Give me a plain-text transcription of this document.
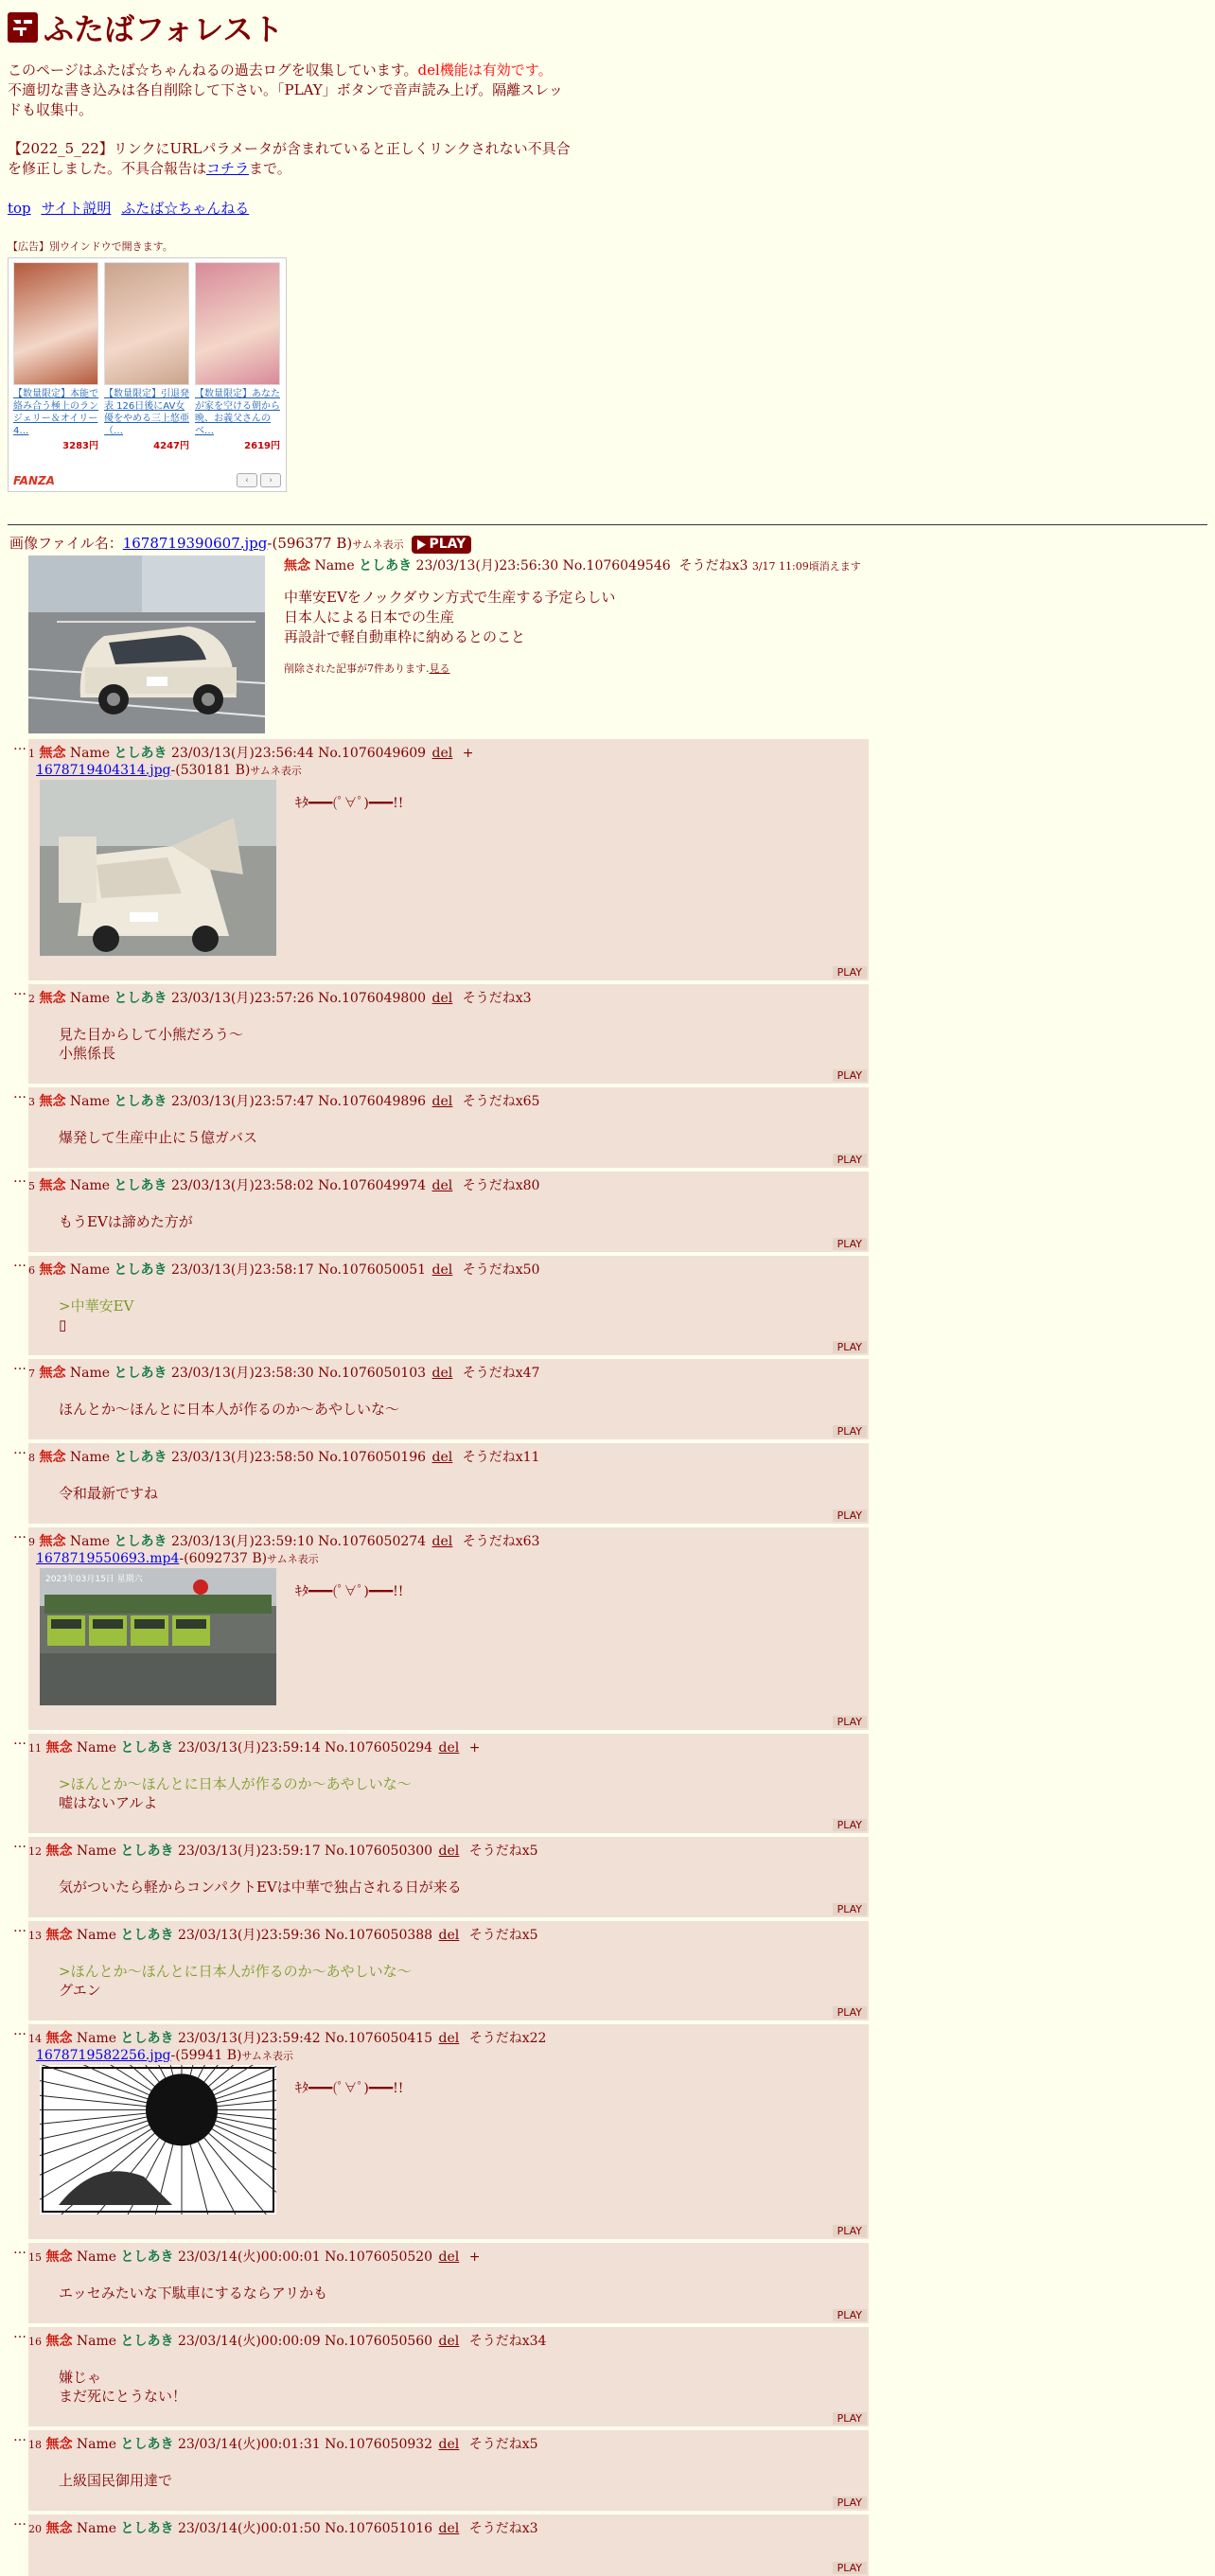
ふたばフォレスト
このページはふたば☆ちゃんねるの過去ログを収集しています。del機能は有効です。不適切な書き込みは各自削除して下さい。「PLAY」ボタンで音声読み上げ。隔離スレッドも収集中。
【2022_5_22】リンクにURLパラメータが含まれていると正しくリンクされない不具合を修正しました。不具合報告はコチラまで。
top サイト説明 ふたば☆ちゃんねる
【広告】別ウインドウで開きます。
【数量限定】本能で絡み合う極上のランジェリー＆オイリー4…
3283円
【数量限定】引退発表 126日後にAV女優をやめる三上悠亜 （…
4247円
【数量限定】あなたが家を空ける朝から晩、お義父さんのベ…
2619円
FANZA	‹	›
画像ファイル名：1678719390607.jpg-(596377 B)サムネ表示 PLAY
無念 Name としあき 23/03/13(月)23:56:30 No.1076049546 そうだねx3 3/17 11:09頃消えます
中華安EVをノックダウン方式で生産する予定らしい
日本人による日本での生産
再設計で軽自動車枠に納めるとのこと
削除された記事が7件あります.見る
…
1 無念 Name としあき 23/03/13(月)23:56:44 No.1076049609 del +
1678719404314.jpg-(530181 B)サムネ表示
ｷﾀ━━━(ﾟ∀ﾟ)━━━!!
PLAY
…
2 無念 Name としあき 23/03/13(月)23:57:26 No.1076049800 del そうだねx3
見た目からして小熊だろう〜
小熊係長
PLAY
…
3 無念 Name としあき 23/03/13(月)23:57:47 No.1076049896 del そうだねx65
爆発して生産中止に５億ガバス
PLAY
…
5 無念 Name としあき 23/03/13(月)23:58:02 No.1076049974 del そうだねx80
もうEVは諦めた方が
PLAY
…
6 無念 Name としあき 23/03/13(月)23:58:17 No.1076050051 del そうだねx50
>中華安EV
▯
PLAY
…
7 無念 Name としあき 23/03/13(月)23:58:30 No.1076050103 del そうだねx47
ほんとか〜ほんとに日本人が作るのか〜あやしいな〜
PLAY
…
8 無念 Name としあき 23/03/13(月)23:58:50 No.1076050196 del そうだねx11
令和最新ですね
PLAY
…
9 無念 Name としあき 23/03/13(月)23:59:10 No.1076050274 del そうだねx63
1678719550693.mp4-(6092737 B)サムネ表示
2023年03月15日 星期六
ｷﾀ━━━(ﾟ∀ﾟ)━━━!!
PLAY
…
11 無念 Name としあき 23/03/13(月)23:59:14 No.1076050294 del +
>ほんとか〜ほんとに日本人が作るのか〜あやしいな〜
嘘はないアルよ
PLAY
…
12 無念 Name としあき 23/03/13(月)23:59:17 No.1076050300 del そうだねx5
気がついたら軽からコンパクトEVは中華で独占される日が来る
PLAY
…
13 無念 Name としあき 23/03/13(月)23:59:36 No.1076050388 del そうだねx5
>ほんとか〜ほんとに日本人が作るのか〜あやしいな〜
グエン
PLAY
…
14 無念 Name としあき 23/03/13(月)23:59:42 No.1076050415 del そうだねx22
1678719582256.jpg-(59941 B)サムネ表示
ｷﾀ━━━(ﾟ∀ﾟ)━━━!!
PLAY
…
15 無念 Name としあき 23/03/14(火)00:00:01 No.1076050520 del +
エッセみたいな下駄車にするならアリかも
PLAY
…
16 無念 Name としあき 23/03/14(火)00:00:09 No.1076050560 del そうだねx34
嫌じゃ
まだ死にとうない！
PLAY
…
18 無念 Name としあき 23/03/14(火)00:01:31 No.1076050932 del そうだねx5
上級国民御用達で
PLAY
…
20 無念 Name としあき 23/03/14(火)00:01:50 No.1076051016 del そうだねx3
PLAY
